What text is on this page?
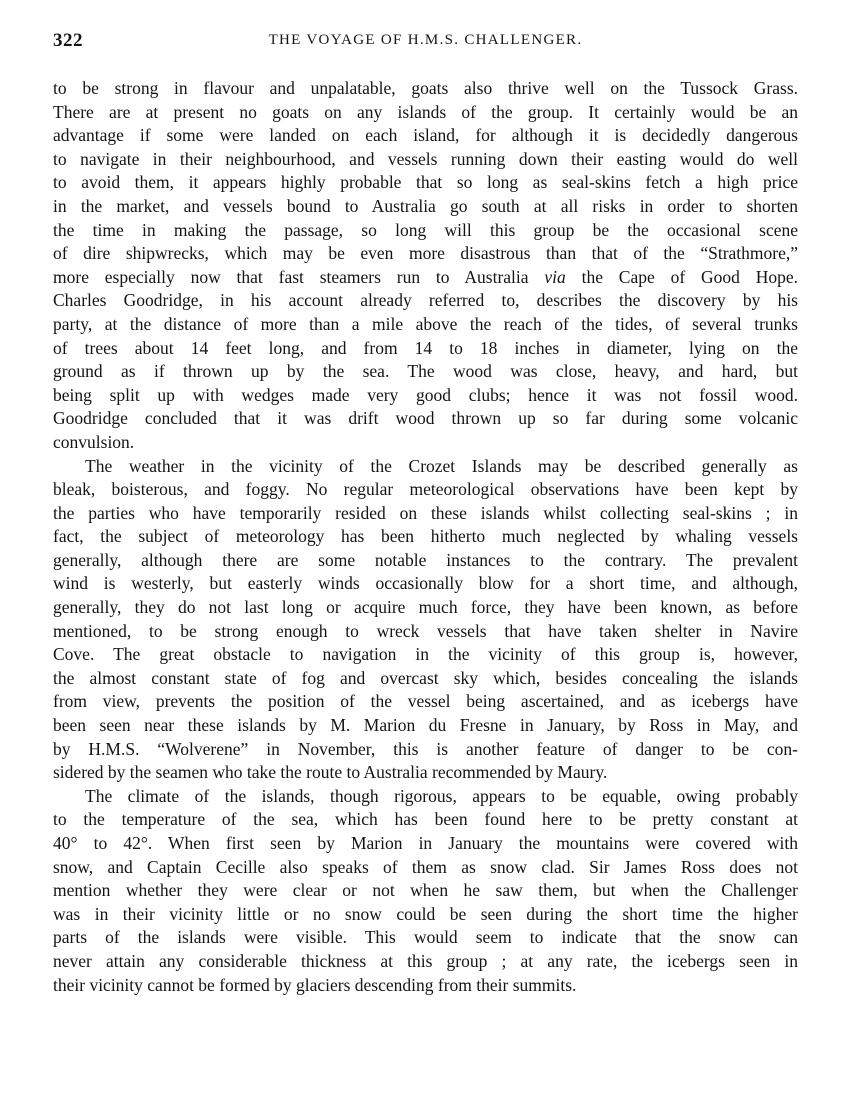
322	THE VOYAGE OF H.M.S. CHALLENGER.
to be strong in flavour and unpalatable, goats also thrive well on the Tussock Grass.
There are at present no goats on any islands of the group. It certainly would be an
advantage if some were landed on each island, for although it is decidedly dangerous
to navigate in their neighbourhood, and vessels running down their easting would do well
to avoid them, it appears highly probable that so long as seal-skins fetch a high price
in the market, and vessels bound to Australia go south at all risks in order to shorten
the time in making the passage, so long will this group be the occasional scene
of dire shipwrecks, which may be even more disastrous than that of the “Strathmore,”
more especially now that fast steamers run to Australia via the Cape of Good Hope.
Charles Goodridge, in his account already referred to, describes the discovery by his
party, at the distance of more than a mile above the reach of the tides, of several trunks
of trees about 14 feet long, and from 14 to 18 inches in diameter, lying on the
ground as if thrown up by the sea. The wood was close, heavy, and hard, but
being split up with wedges made very good clubs; hence it was not fossil wood.
Goodridge concluded that it was drift wood thrown up so far during some volcanic
convulsion.
The weather in the vicinity of the Crozet Islands may be described generally as
bleak, boisterous, and foggy. No regular meteorological observations have been kept by
the parties who have temporarily resided on these islands whilst collecting seal-skins ; in
fact, the subject of meteorology has been hitherto much neglected by whaling vessels
generally, although there are some notable instances to the contrary. The prevalent
wind is westerly, but easterly winds occasionally blow for a short time, and although,
generally, they do not last long or acquire much force, they have been known, as before
mentioned, to be strong enough to wreck vessels that have taken shelter in Navire
Cove. The great obstacle to navigation in the vicinity of this group is, however,
the almost constant state of fog and overcast sky which, besides concealing the islands
from view, prevents the position of the vessel being ascertained, and as icebergs have
been seen near these islands by M. Marion du Fresne in January, by Ross in May, and
by H.M.S. “Wolverene” in November, this is another feature of danger to be con-
sidered by the seamen who take the route to Australia recommended by Maury.
The climate of the islands, though rigorous, appears to be equable, owing probably
to the temperature of the sea, which has been found here to be pretty constant at
40° to 42°. When first seen by Marion in January the mountains were covered with
snow, and Captain Cecille also speaks of them as snow clad. Sir James Ross does not
mention whether they were clear or not when he saw them, but when the Challenger
was in their vicinity little or no snow could be seen during the short time the higher
parts of the islands were visible. This would seem to indicate that the snow can
never attain any considerable thickness at this group ; at any rate, the icebergs seen in
their vicinity cannot be formed by glaciers descending from their summits.
